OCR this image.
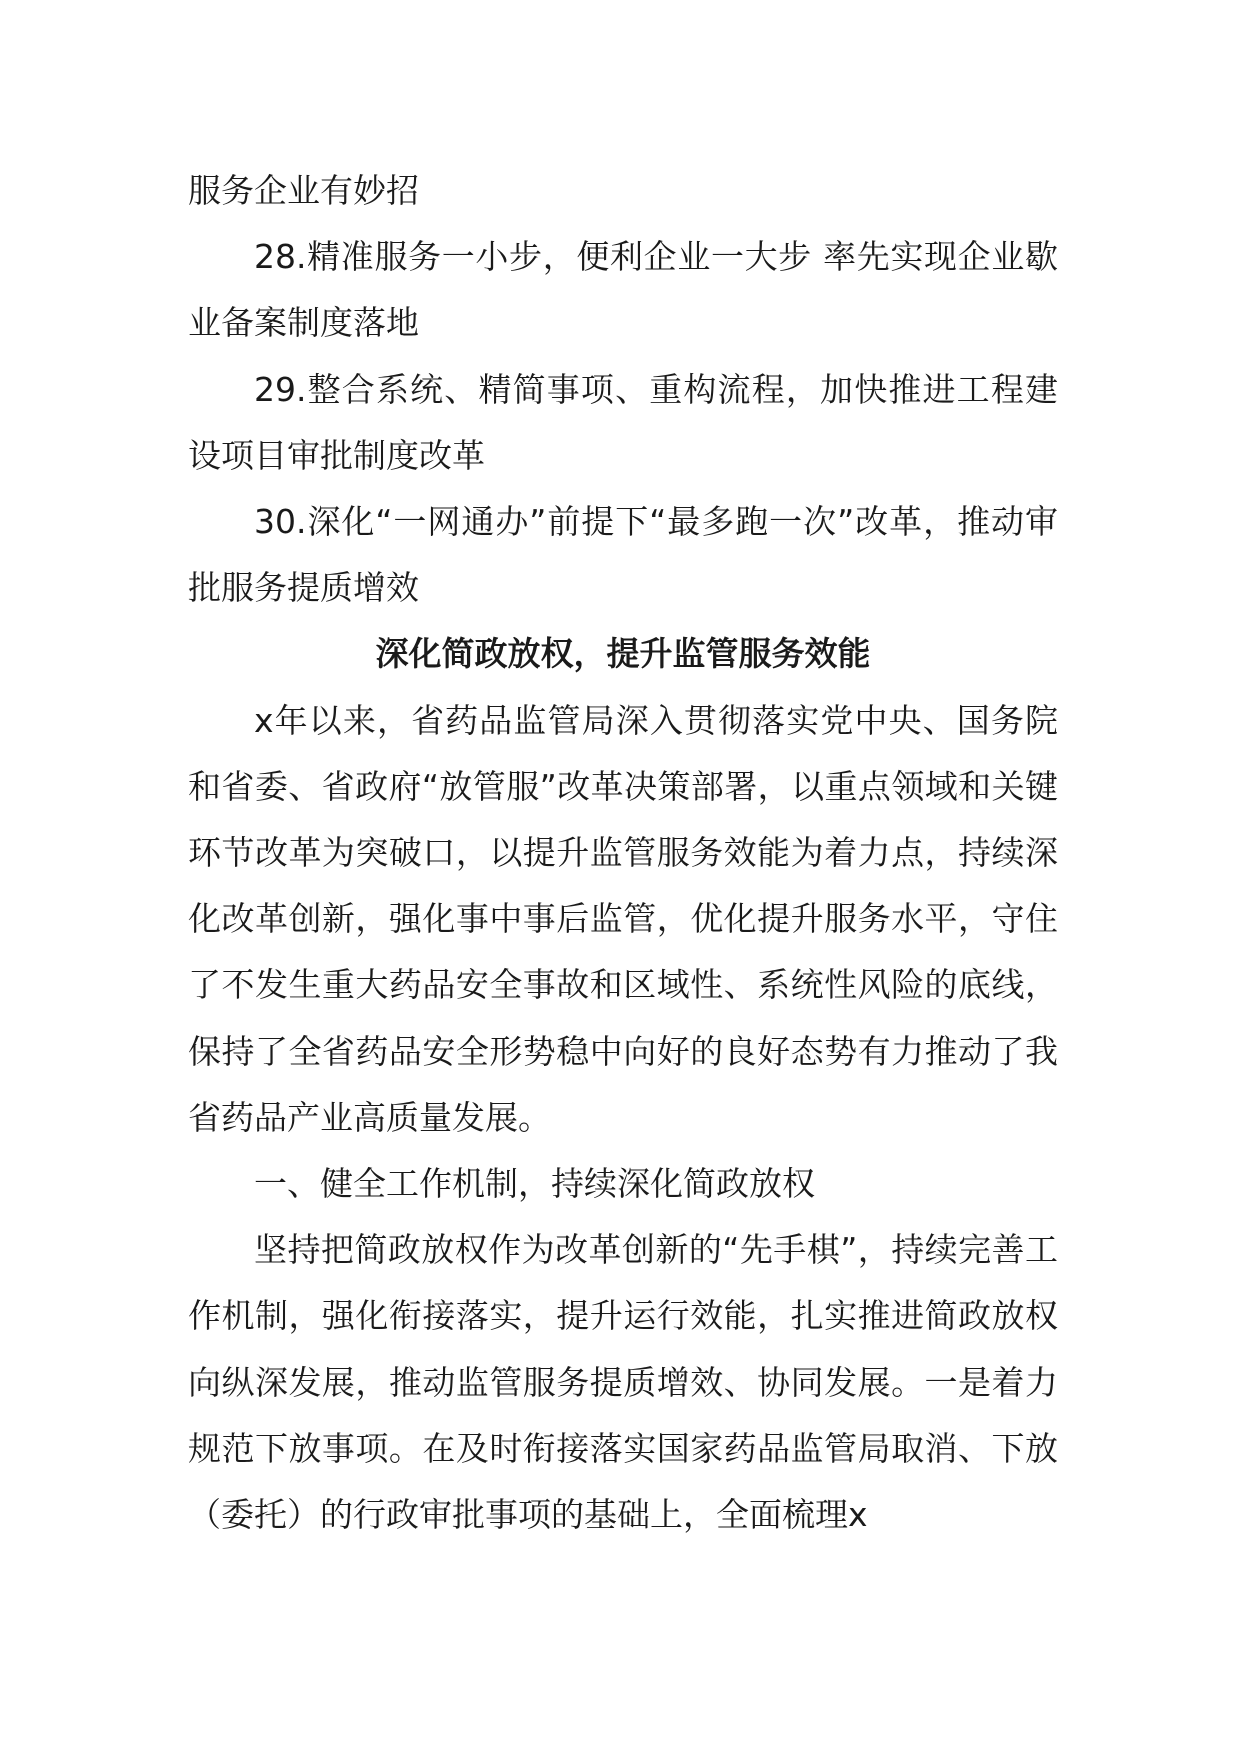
服务企业有妙招

28.精准服务一小步，便利企业一大步 率先实现企业歇业备案制度落地

29.整合系统、精简事项、重构流程，加快推进工程建设项目审批制度改革

30.深化“一网通办”前提下“最多跑一次”改革，推动审批服务提质增效

深化简政放权，提升监管服务效能

x年以来，省药品监管局深入贯彻落实党中央、国务院和省委、省政府“放管服”改革决策部署，以重点领域和关键环节改革为突破口，以提升监管服务效能为着力点，持续深化改革创新，强化事中事后监管，优化提升服务水平，守住了不发生重大药品安全事故和区域性、系统性风险的底线，保持了全省药品安全形势稳中向好的良好态势有力推动了我省药品产业高质量发展。

一、健全工作机制，持续深化简政放权

坚持把简政放权作为改革创新的“先手棋”，持续完善工作机制，强化衔接落实，提升运行效能，扎实推进简政放权向纵深发展，推动监管服务提质增效、协同发展。一是着力规范下放事项。在及时衔接落实国家药品监管局取消、下放（委托）的行政审批事项的基础上，全面梳理x
